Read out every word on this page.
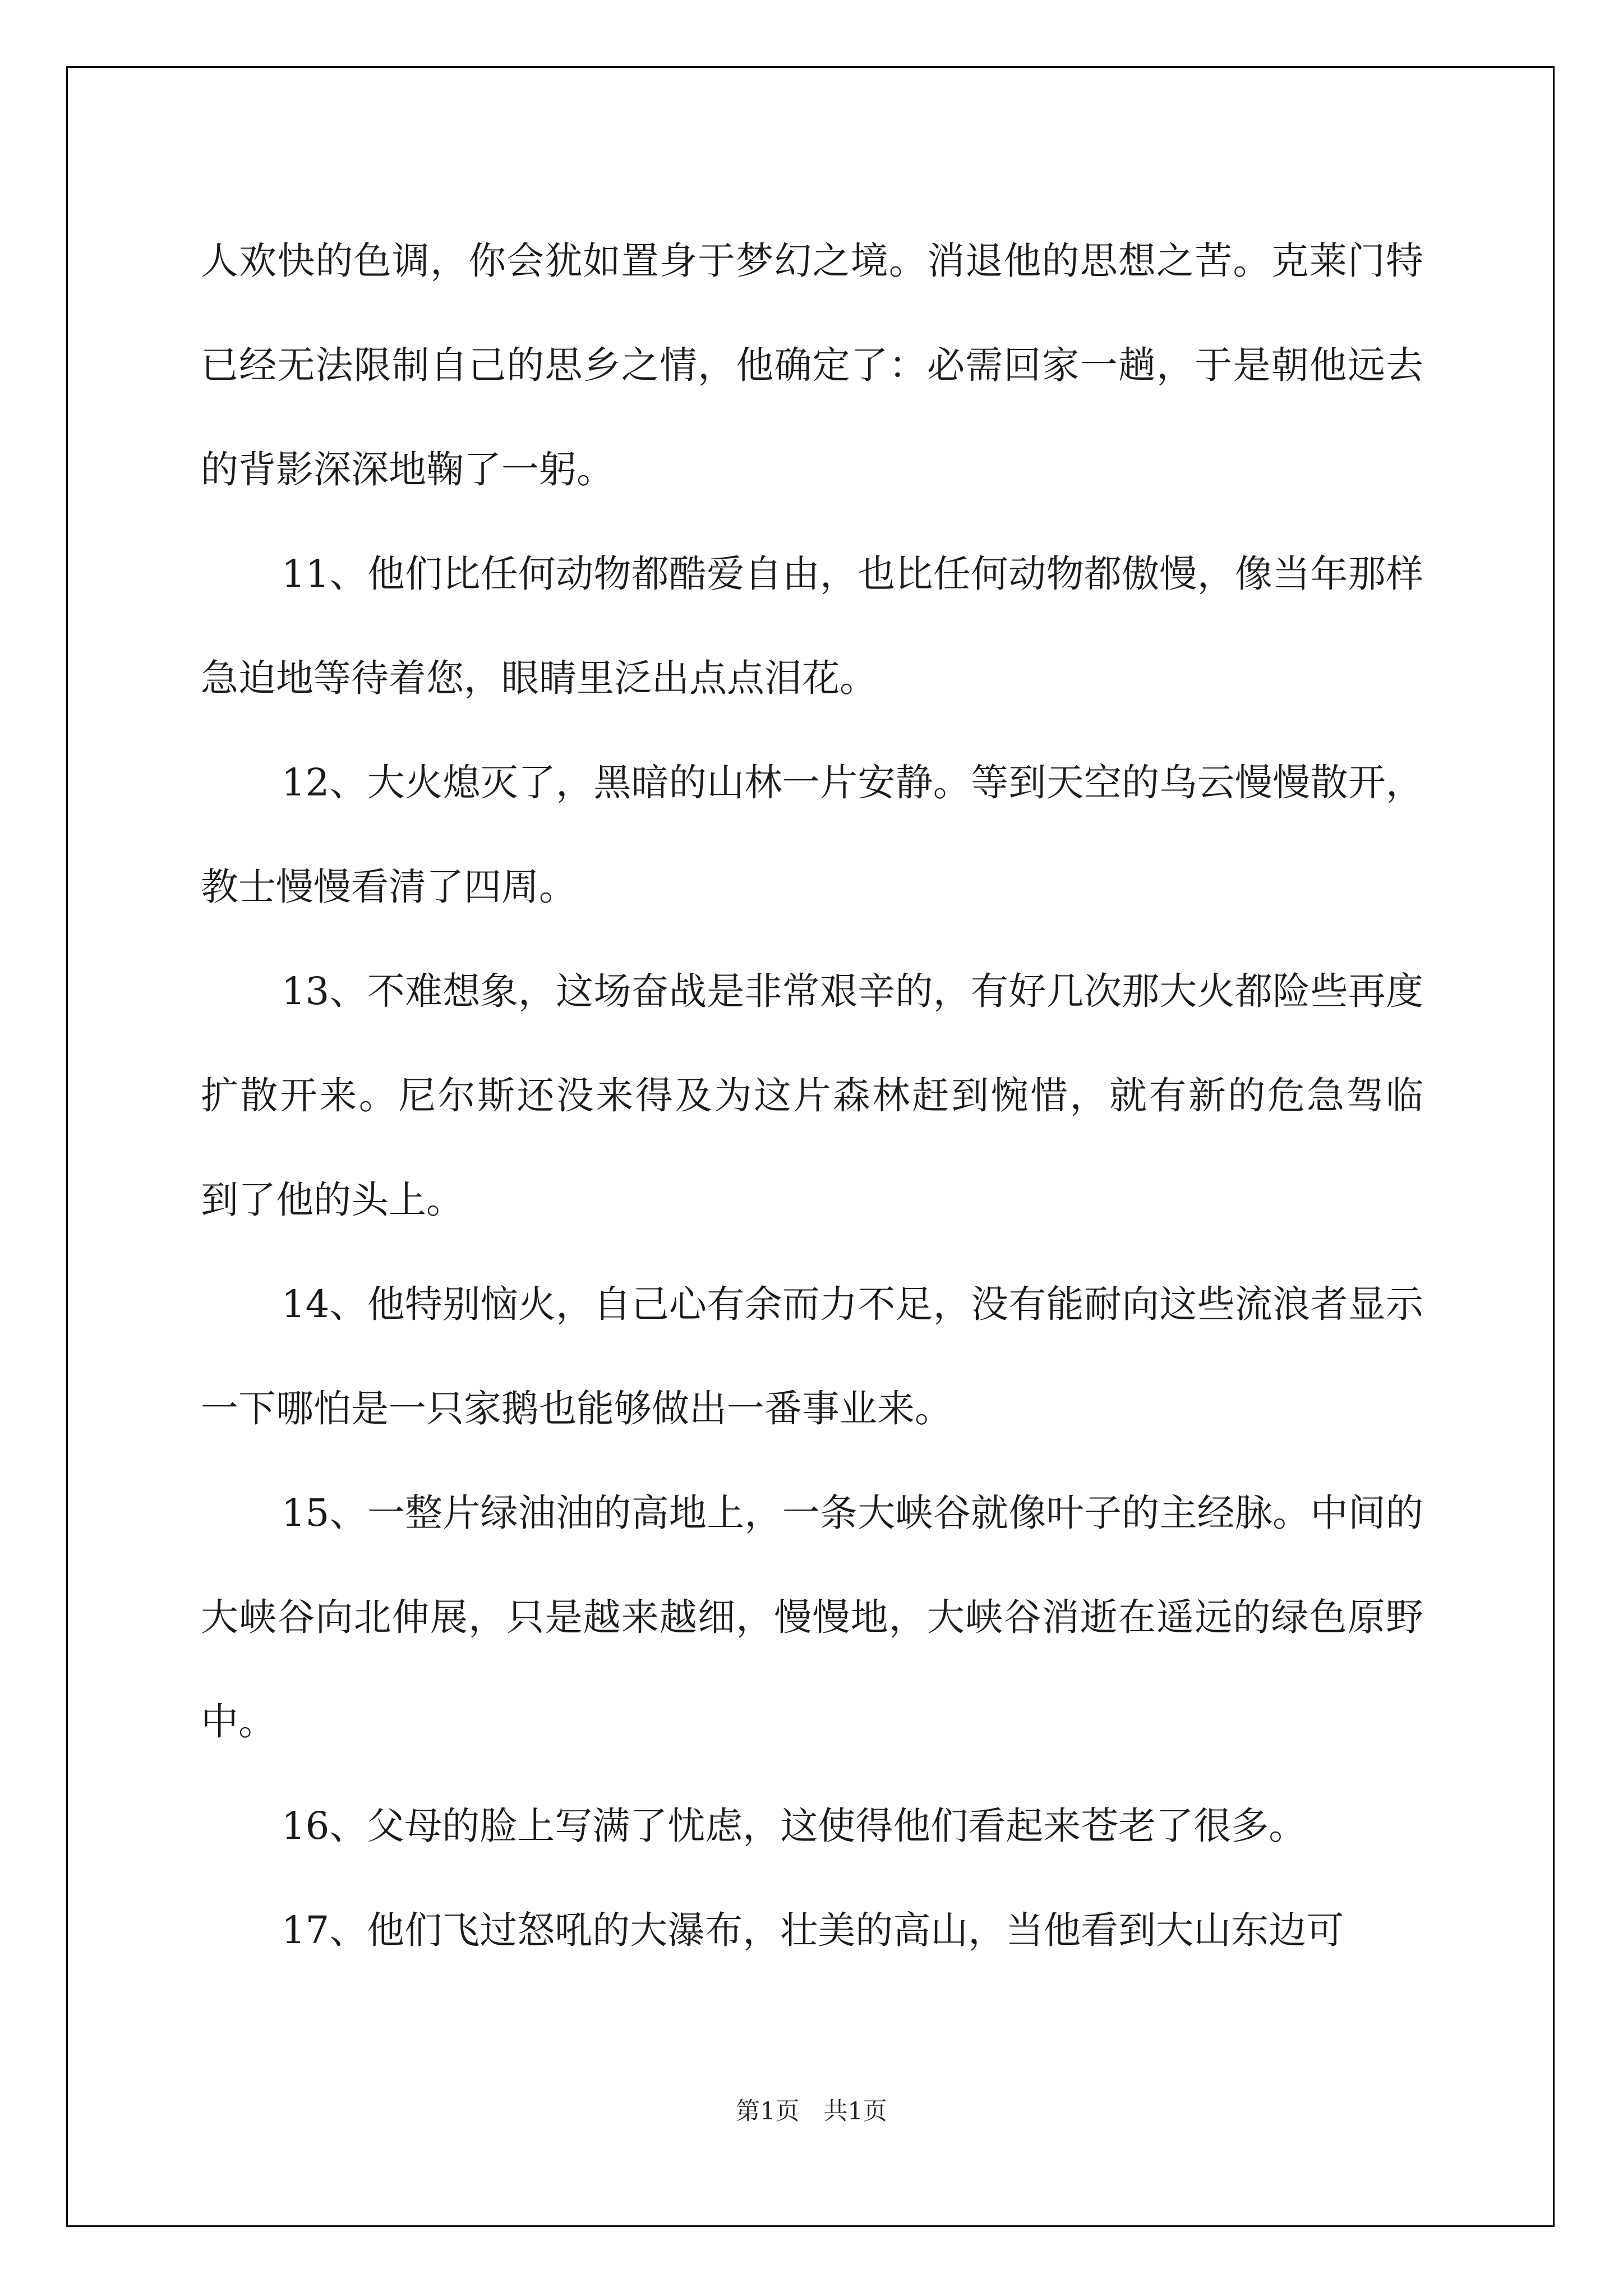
人欢快的色调，你会犹如置身于梦幻之境。消退他的思想之苦。克莱门特已经无法限制自己的思乡之情，他确定了：必需回家一趟，于是朝他远去的背影深深地鞠了一躬。

11、他们比任何动物都酷爱自由，也比任何动物都傲慢，像当年那样急迫地等待着您，眼睛里泛出点点泪花。

12、大火熄灭了，黑暗的山林一片安静。等到天空的乌云慢慢散开，教士慢慢看清了四周。

13、不难想象，这场奋战是非常艰辛的，有好几次那大火都险些再度扩散开来。尼尔斯还没来得及为这片森林赶到惋惜，就有新的危急驾临　到了他的头上。

14、他特别恼火，自己心有余而力不足，没有能耐向这些流浪者显示一下哪怕是一只家鹅也能够做出一番事业来。

15、一整片绿油油的高地上，一条大峡谷就像叶子的主经脉。中间的大峡谷向北伸展，只是越来越细，慢慢地，大峡谷消逝在遥远的绿色原野中。

16、父母的脸上写满了忧虑，这使得他们看起来苍老了很多。

17、他们飞过怒吼的大瀑布，壮美的高山，当他看到大山东边可

第1页　共1页
